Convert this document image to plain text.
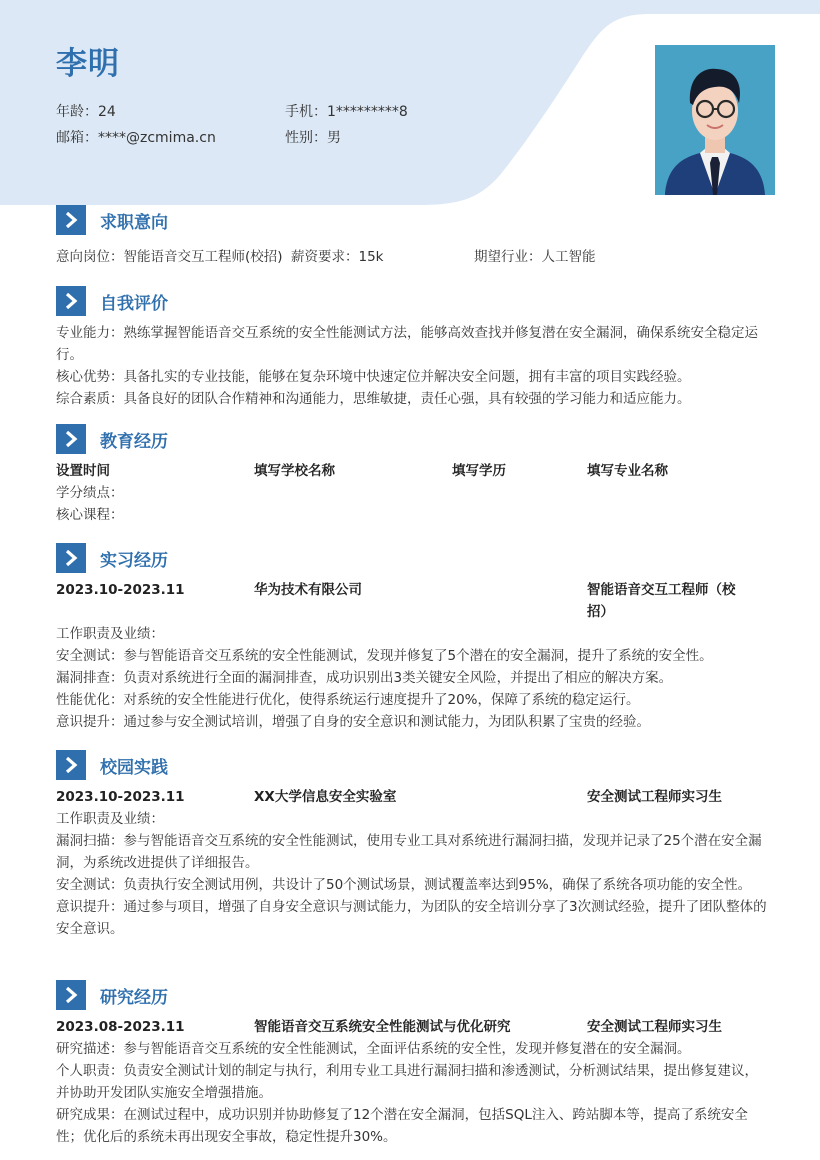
李明
年龄：24	手机：1*********8
邮箱：****@zcmima.cn	性别：男
求职意向
意向岗位：智能语音交互工程师(校招) 薪资要求：15k	期望行业：人工智能
自我评价
专业能力：熟练掌握智能语音交互系统的安全性能测试方法，能够高效查找并修复潜在安全漏洞，确保系统安全稳定运行。
核心优势：具备扎实的专业技能，能够在复杂环境中快速定位并解决安全问题，拥有丰富的项目实践经验。
综合素质：具备良好的团队合作精神和沟通能力，思维敏捷，责任心强，具有较强的学习能力和适应能力。
教育经历
设置时间	填写学校名称	填写学历	填写专业名称
学分绩点：
核心课程：
实习经历
2023.10-2023.11	华为技术有限公司	智能语音交互工程师（校招）
工作职责及业绩：
安全测试：参与智能语音交互系统的安全性能测试，发现并修复了5个潜在的安全漏洞，提升了系统的安全性。
漏洞排查：负责对系统进行全面的漏洞排查，成功识别出3类关键安全风险，并提出了相应的解决方案。
性能优化：对系统的安全性能进行优化，使得系统运行速度提升了20%，保障了系统的稳定运行。
意识提升：通过参与安全测试培训，增强了自身的安全意识和测试能力，为团队积累了宝贵的经验。
校园实践
2023.10-2023.11	XX大学信息安全实验室	安全测试工程师实习生
工作职责及业绩：
漏洞扫描：参与智能语音交互系统的安全性能测试，使用专业工具对系统进行漏洞扫描，发现并记录了25个潜在安全漏洞，为系统改进提供了详细报告。
安全测试：负责执行安全测试用例，共设计了50个测试场景，测试覆盖率达到95%，确保了系统各项功能的安全性。
意识提升：通过参与项目，增强了自身安全意识与测试能力，为团队的安全培训分享了3次测试经验，提升了团队整体的安全意识。
研究经历
2023.08-2023.11	智能语音交互系统安全性能测试与优化研究	安全测试工程师实习生
研究描述：参与智能语音交互系统的安全性能测试，全面评估系统的安全性，发现并修复潜在的安全漏洞。
个人职责：负责安全测试计划的制定与执行，利用专业工具进行漏洞扫描和渗透测试，分析测试结果，提出修复建议，并协助开发团队实施安全增强措施。
研究成果：在测试过程中，成功识别并协助修复了12个潜在安全漏洞，包括SQL注入、跨站脚本等，提高了系统安全性；优化后的系统未再出现安全事故，稳定性提升30%。
